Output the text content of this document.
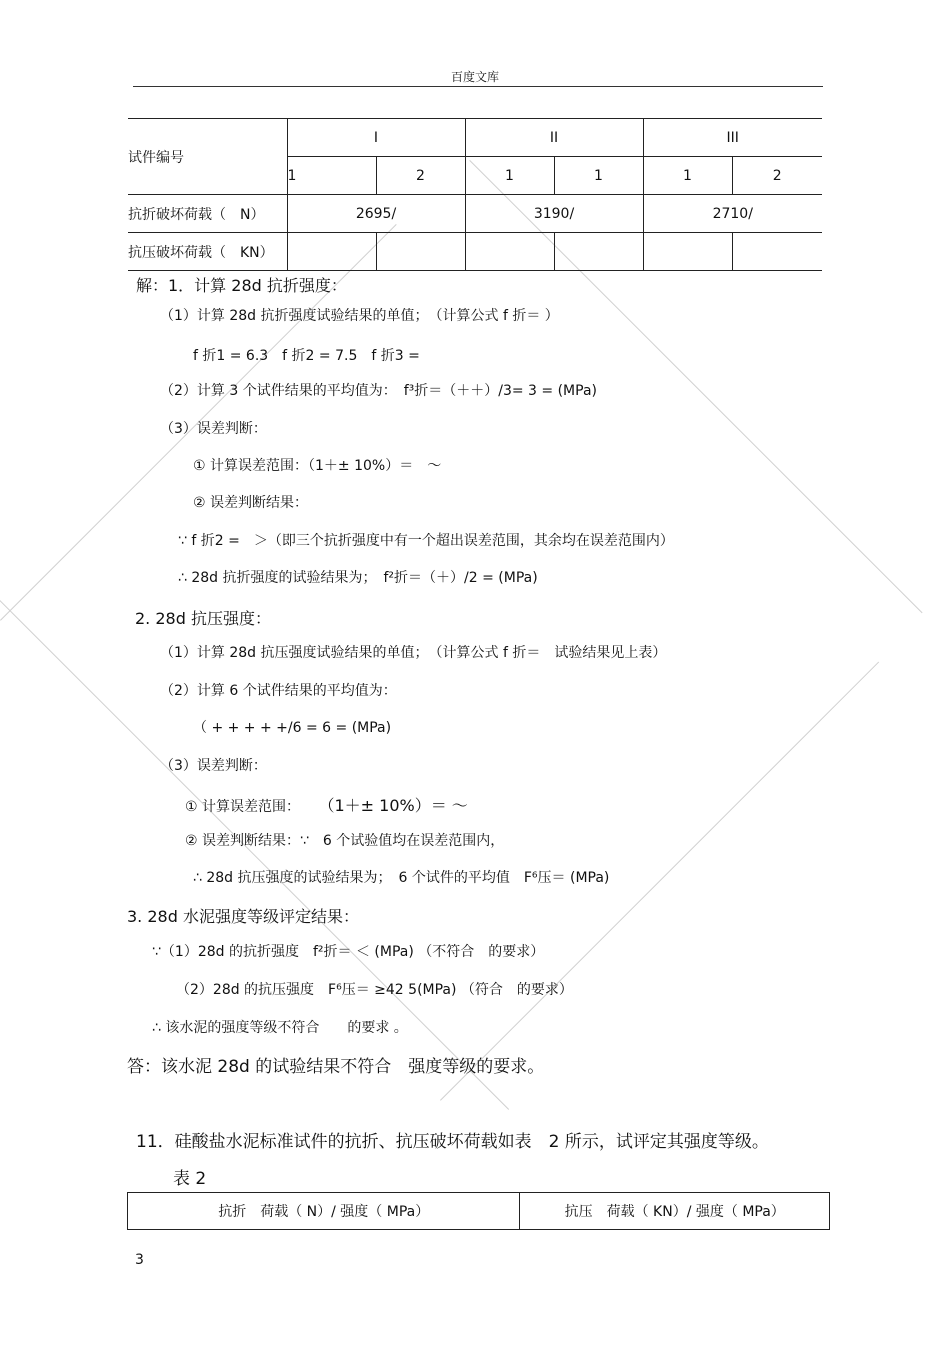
百度文库
试件编号	I		II		III	
	1	2	1	1	1	2
抗折破坏荷载（　N）	2695/		3190/		2710/	
抗压破坏荷载（　KN）						
解：1．计算 28d 抗折强度：
（1）计算 28d 抗折强度试验结果的单值；　（计算公式 f 折＝ ）
f 折1 = 6.3　f 折2 = 7.5　f 折3 =
（2）计算 3 个试件结果的平均值为：　f³折＝（＋＋）/3= 3 = (MPa)
（3）误差判断：
① 计算误差范围：（1＋± 10%）＝　～
② 误差判断结果：
∵ f 折2 =　＞（即三个抗折强度中有一个超出误差范围，其余均在误差范围内）
∴ 28d 抗折强度的试验结果为；　f²折＝（＋）/2 = (MPa)
2. 28d 抗压强度：
（1）计算 28d 抗压强度试验结果的单值；　（计算公式 f 折＝　试验结果见上表）
（2）计算 6 个试件结果的平均值为：
（ + + + + +/6 = 6 = (MPa)
（3）误差判断：
① 计算误差范围： （1＋± 10%）＝ ～
② 误差判断结果：∵　6 个试验值均在误差范围内，
∴ 28d 抗压强度的试验结果为；　6 个试件的平均值　F⁶压＝ (MPa)
3. 28d 水泥强度等级评定结果：
∵（1）28d 的抗折强度　f²折＝ ＜ (MPa) （不符合　的要求）
（2）28d 的抗压强度　F⁶压＝ ≥42 5(MPa) （符合　的要求）
∴ 该水泥的强度等级不符合　　的要求 。
答：该水泥 28d 的试验结果不符合　强度等级的要求。
11．硅酸盐水泥标准试件的抗折、抗压破坏荷载如表　2 所示，试评定其强度等级。
表 2
抗折　荷载（ N）/ 强度（ MPa）	抗压　荷载（ KN）/ 强度（ MPa）
3
